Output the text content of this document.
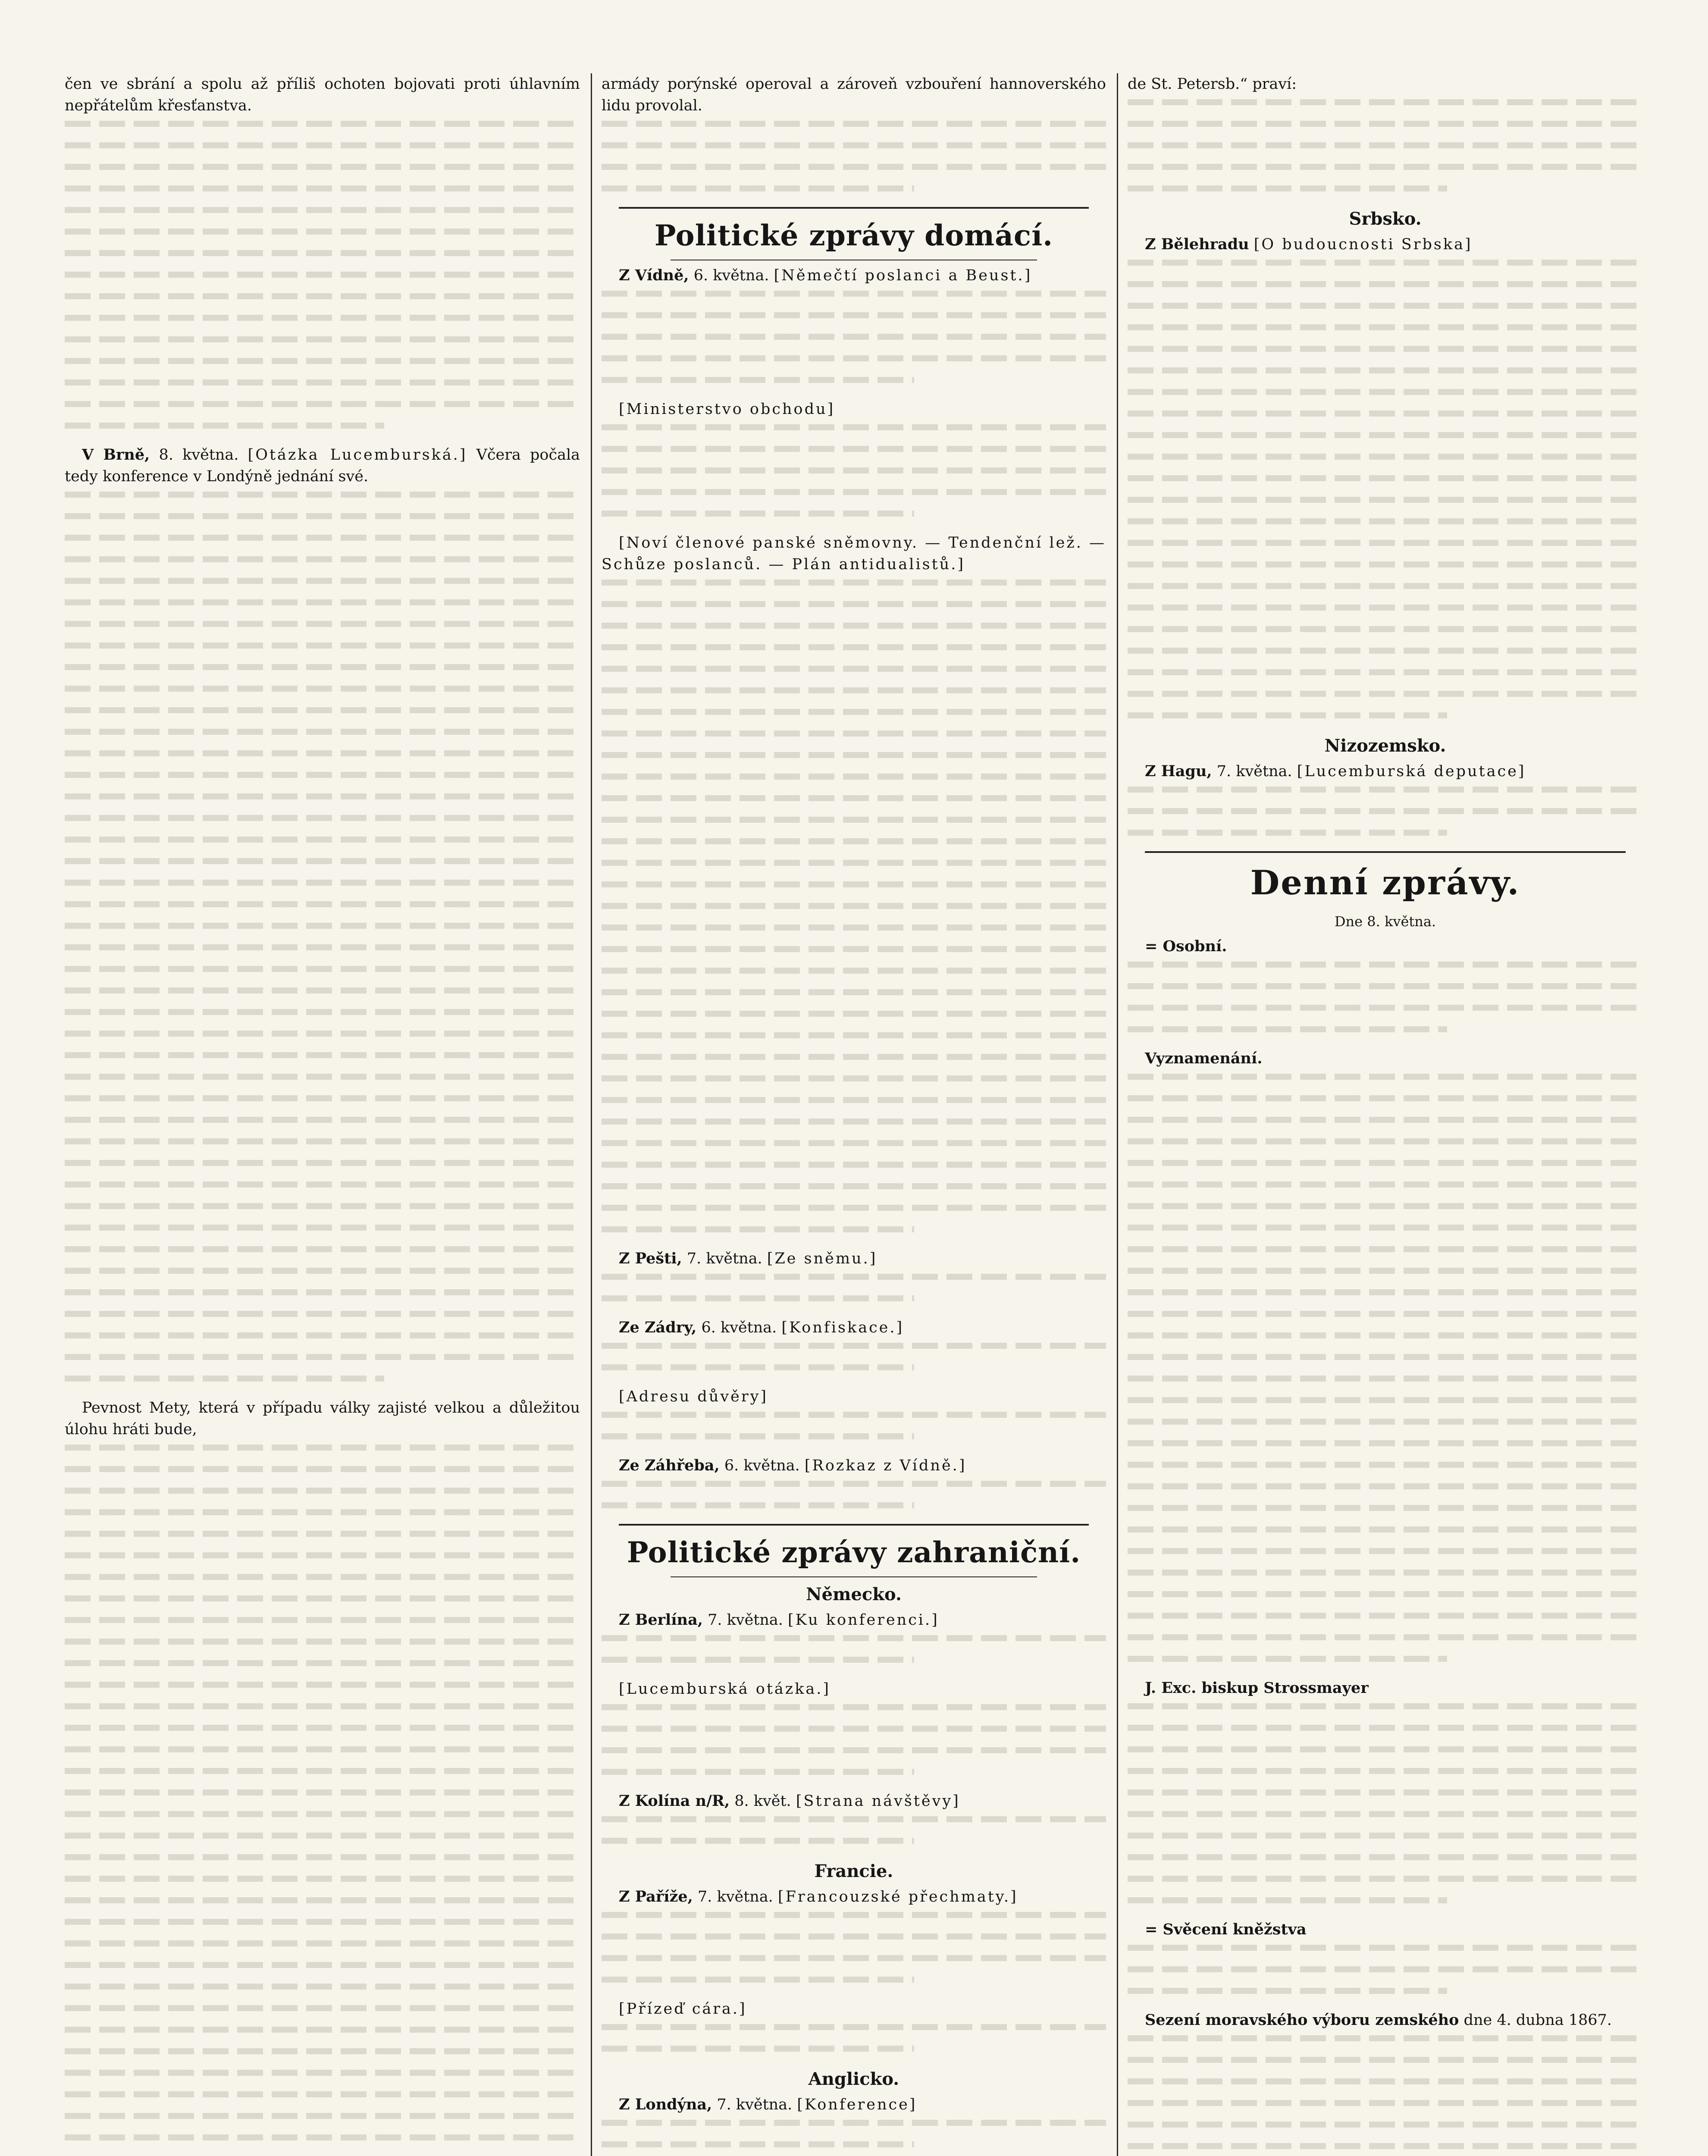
čen ve sbrání a spolu až příliš ochoten bojovati proti úhlavním nepřátelům křesťanstva.

V Brně, 8. května. [Otázka Lucemburská.] Včera počala tedy konference v Londýně jednání své.

Pevnost Mety, která v případu války zajisté velkou a důležitou úlohu hráti bude,

armády porýnské operoval a zároveň vzbouření hannoverského lidu provolal.

Politické zprávy domácí.

Z Vídně, 6. května. [Němečtí poslanci a Beust.]

[Ministerstvo obchodu]

[Noví členové panské sněmovny. — Tendenční lež. — Schůze poslanců. — Plán antidualistů.]

Z Pešti, 7. května. [Ze sněmu.]

Ze Zádry, 6. května. [Konfiskace.]

[Adresu důvěry]

Ze Záhřeba, 6. května. [Rozkaz z Vídně.]

Politické zprávy zahraniční.
Německo.

Z Berlína, 7. května. [Ku konferenci.]

[Lucemburská otázka.]

Z Kolína n/R, 8. květ. [Strana návštěvy]

Francie.

Z Paříže, 7. května. [Francouzské přechmaty.]

[Přízeď cára.]

Anglicko.

Z Londýna, 7. května. [Konference]

de St. Petersb.“ praví:

Srbsko.

Z Bělehradu [O budoucnosti Srbska]

Nizozemsko.

Z Hagu, 7. května. [Lucemburská deputace]

Denní zprávy.
Dne 8. května.

= Osobní.

Vyznamenání.

J. Exc. biskup Strossmayer

= Svěcení kněžstva

Sezení moravského výboru zemského dne 4. dubna 1867.
